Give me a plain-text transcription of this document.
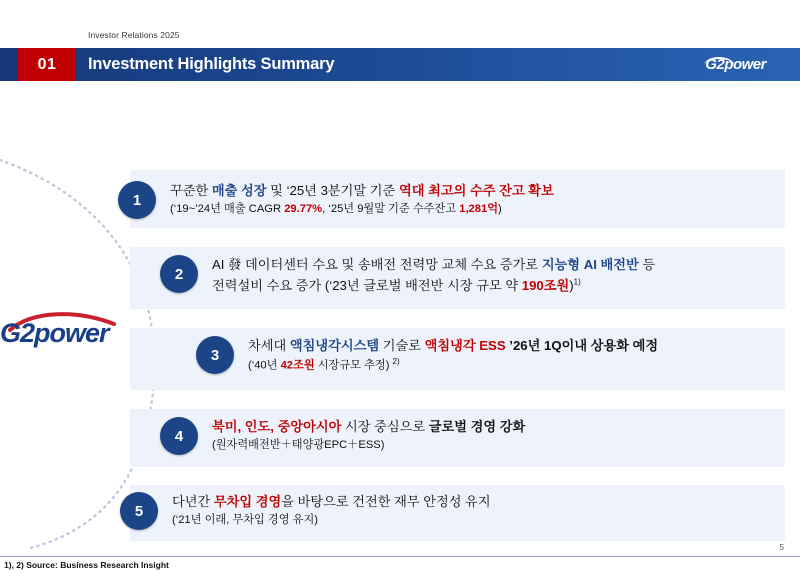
Investor Relations 2025
01	Investment Highlights Summary	G2 power
G2power
1
꾸준한 매출 성장 및 ‘25년 3분기말 기준 역대 최고의 수주 잔고 확보
(‘19~’24년 매출 CAGR 29.77%, ‘25년 9월말 기준 수주잔고 1,281억)
2
AI 發 데이터센터 수요 및 송배전 전력망 교체 수요 증가로 지능형 AI 배전반 등
전력설비 수요 증가 (‘23년 글로벌 배전반 시장 규모 약 190조원)$^{1)}$
3
차세대 액침냉각시스템 기술로 액침냉각 ESS ’26년 1Q이내 상용화 예정
(‘40년 42조원 시장규모 추정) $^{2)}$
4
북미, 인도, 중앙아시아 시장 중심으로 글로벌 경영 강화
(원자력배전반＋태양광EPC＋ESS)
5
다년간 무차입 경영을 바탕으로 건전한 재무 안정성 유지
(‘21년 이래, 무차입 경영 유지)
5
1), 2) Source: Business Research Insight
